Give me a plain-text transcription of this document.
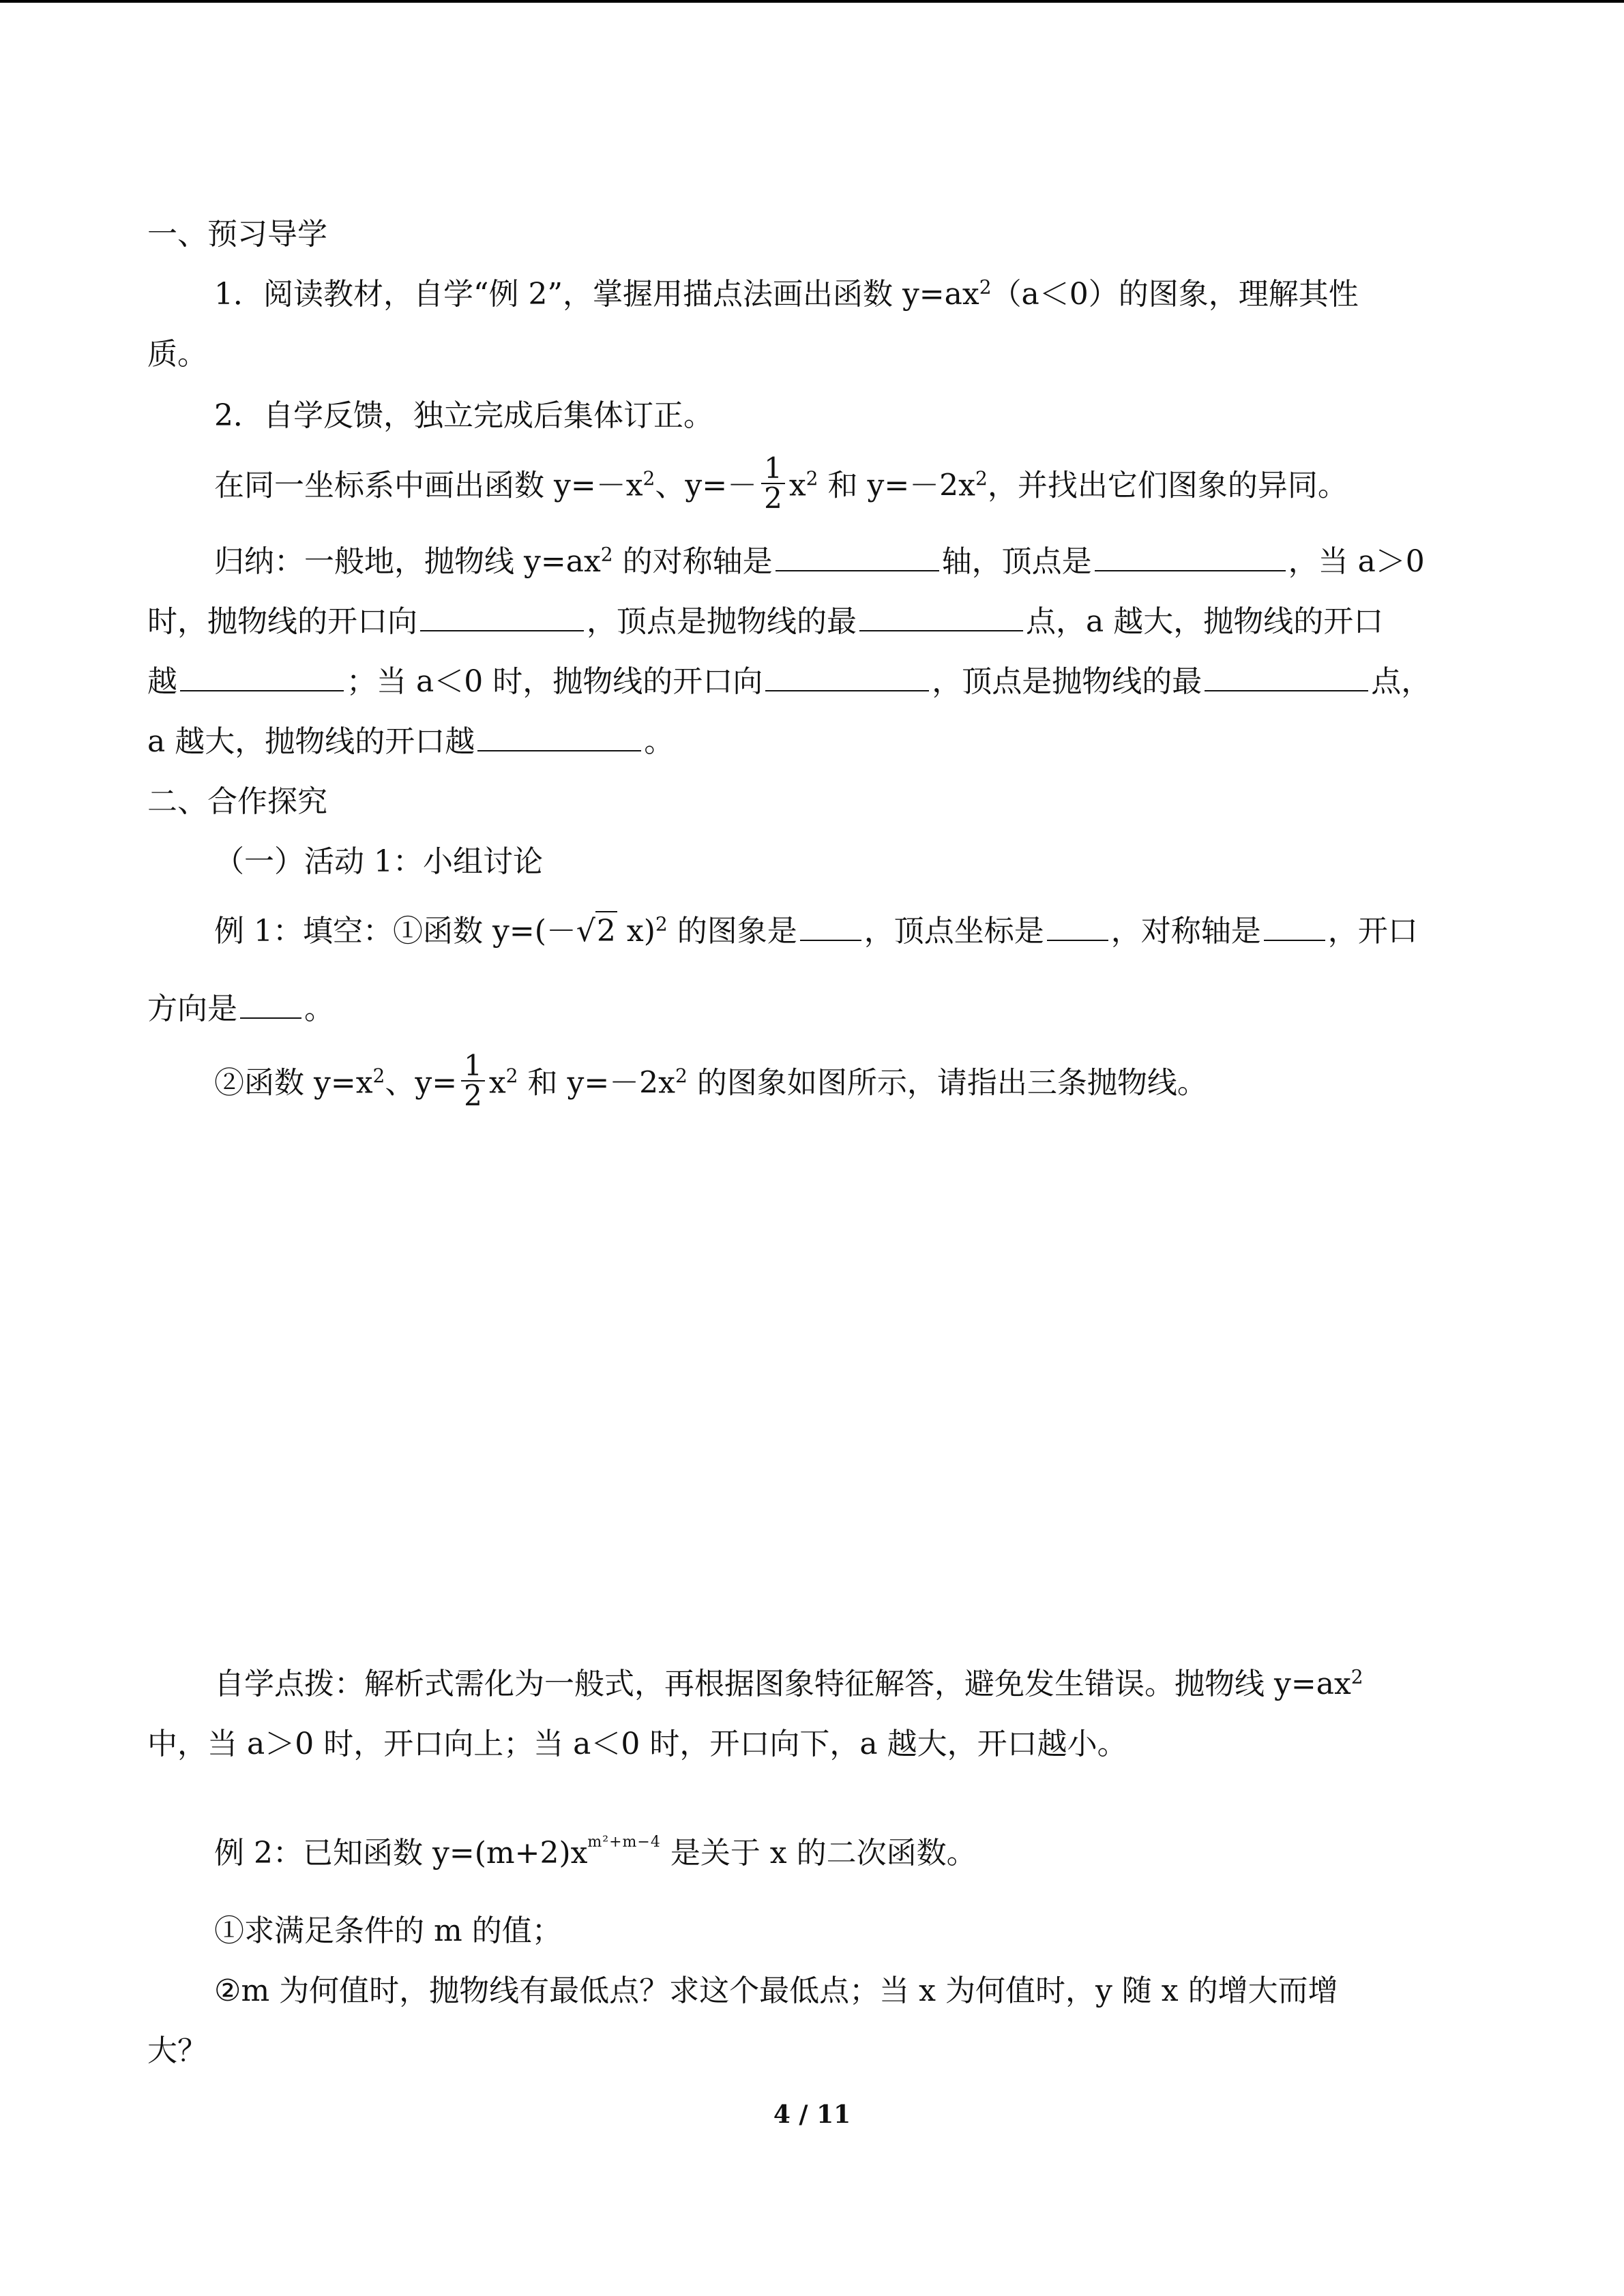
一、预习导学
1．阅读教材，自学“例 2”，掌握用描点法画出函数 $y=ax^2(a<0)$的图象，理解其性
质。
2．自学反馈，独立完成后集体订正。
在同一坐标系中画出函数 $y=-x^2$、$y=- \frac{1}{2} x^2$ 和 $y=-2x^2$，并找出它们图象的异同。
归纳：一般地，抛物线 $y=ax^2$ 的对称轴是	轴，顶点是	，当 a＞0
时，抛物线的开口向	，顶点是抛物线的最	点，a 越大，抛物线的开口
越	；当 a＜0 时，抛物线的开口向	，顶点是抛物线的最	点，
a 越大，抛物线的开口越	。
二、合作探究
（一）活动 1：小组讨论
例 1：填空：①函数 y=(－√2 x)$^2$ 的图象是 ，顶点坐标是 ，对称轴是 ，开口
方向是 。
②函数 $y=x^2$、$y= \frac{1}{2} x^2$ 和 $y=-2x^2$ 的图象如图所示，请指出三条抛物线。
自学点拨：解析式需化为一般式，再根据图象特征解答，避免发生错误。抛物线 $y=ax^2$
中，当 a＞0 时，开口向上；当 a＜0 时，开口向下，a 越大，开口越小。
例 2：已知函数 $y=(m+2)x^{m^2+m-4}$ 是关于 x 的二次函数。
①求满足条件的 m 的值；
②m 为何值时，抛物线有最低点？求这个最低点；当 x 为何值时，y 随 x 的增大而增
大？
4 / 11
